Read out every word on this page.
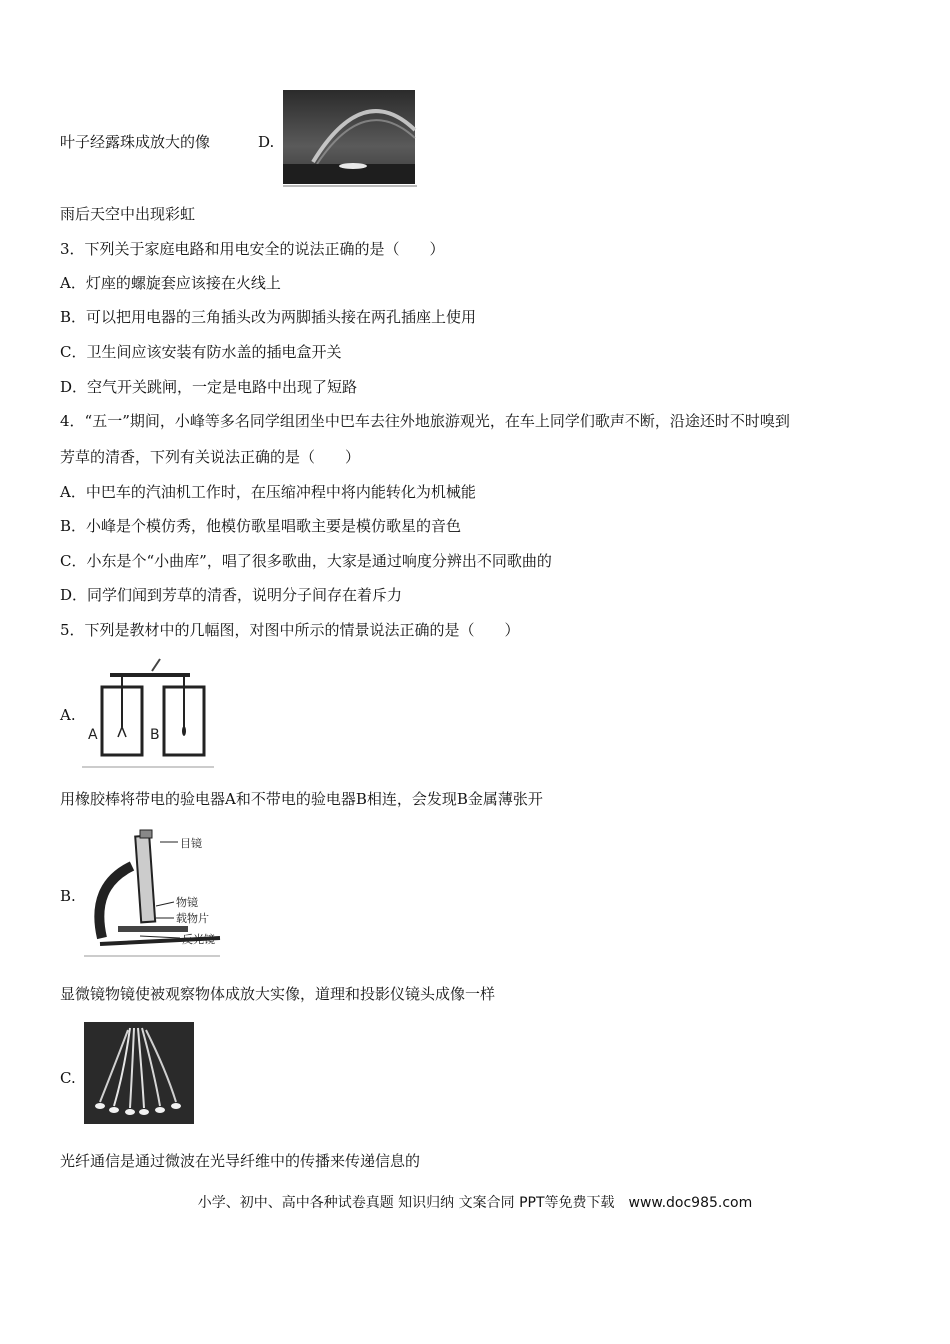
叶子经露珠成放大的像	D.
雨后天空中出现彩虹
3．下列关于家庭电路和用电安全的说法正确的是（　　）
A．灯座的螺旋套应该接在火线上
B．可以把用电器的三角插头改为两脚插头接在两孔插座上使用
C．卫生间应该安装有防水盖的插电盒开关
D．空气开关跳闸，一定是电路中出现了短路
4．“五一”期间，小峰等多名同学组团坐中巴车去往外地旅游观光，在车上同学们歌声不断，沿途还时不时嗅到
芳草的清香，下列有关说法正确的是（　　）
A．中巴车的汽油机工作时，在压缩冲程中将内能转化为机械能
B．小峰是个模仿秀，他模仿歌星唱歌主要是模仿歌星的音色
C．小东是个“小曲库”，唱了很多歌曲，大家是通过响度分辨出不同歌曲的
D．同学们闻到芳草的清香，说明分子间存在着斥力
5．下列是教材中的几幅图，对图中所示的情景说法正确的是（　　）
A.
A	B
用橡胶棒将带电的验电器A和不带电的验电器B相连，会发现B金属薄张开
B.
目镜
物镜
载物片
反光镜
显微镜物镜使被观察物体成放大实像，道理和投影仪镜头成像一样
C.
光纤通信是通过微波在光导纤维中的传播来传递信息的
小学、初中、高中各种试卷真题 知识归纳 文案合同 PPT等免费下载　www.doc985.com
